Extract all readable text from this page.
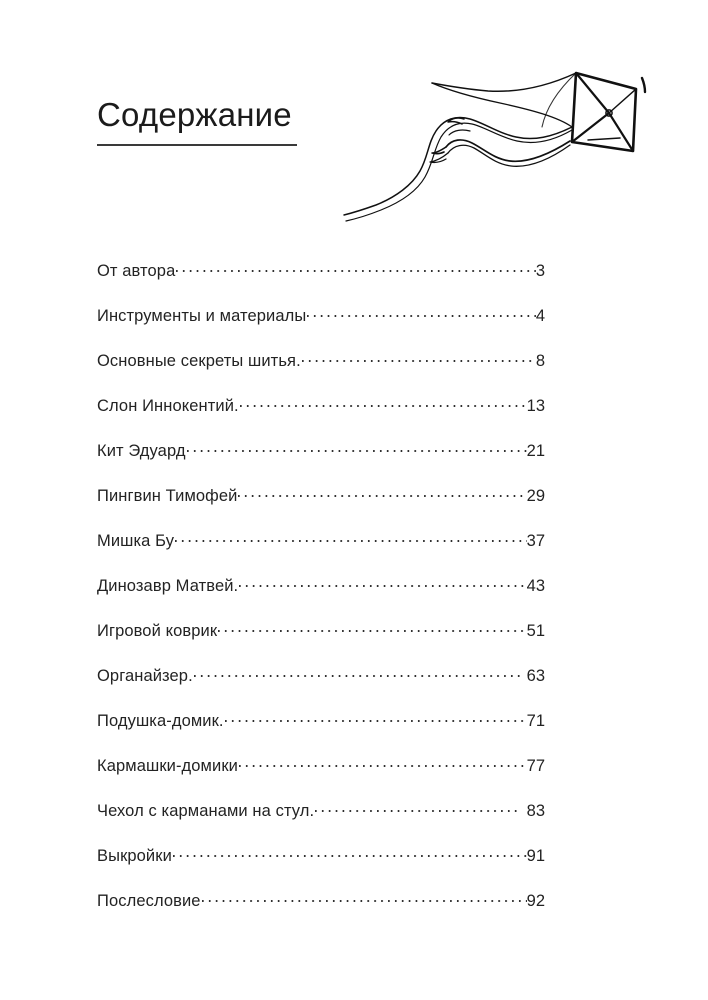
Содержание
От автора	3
Инструменты и материалы	4
Основные секреты шитья.	8
Слон Иннокентий.	13
Кит Эдуард	21
Пингвин Тимофей	29
Мишка Бу	37
Динозавр Матвей.	43
Игровой коврик	51
Органайзер.	63
Подушка-домик.	71
Кармашки-домики	77
Чехол с карманами на стул.	83
Выкройки	91
Послесловие	92
